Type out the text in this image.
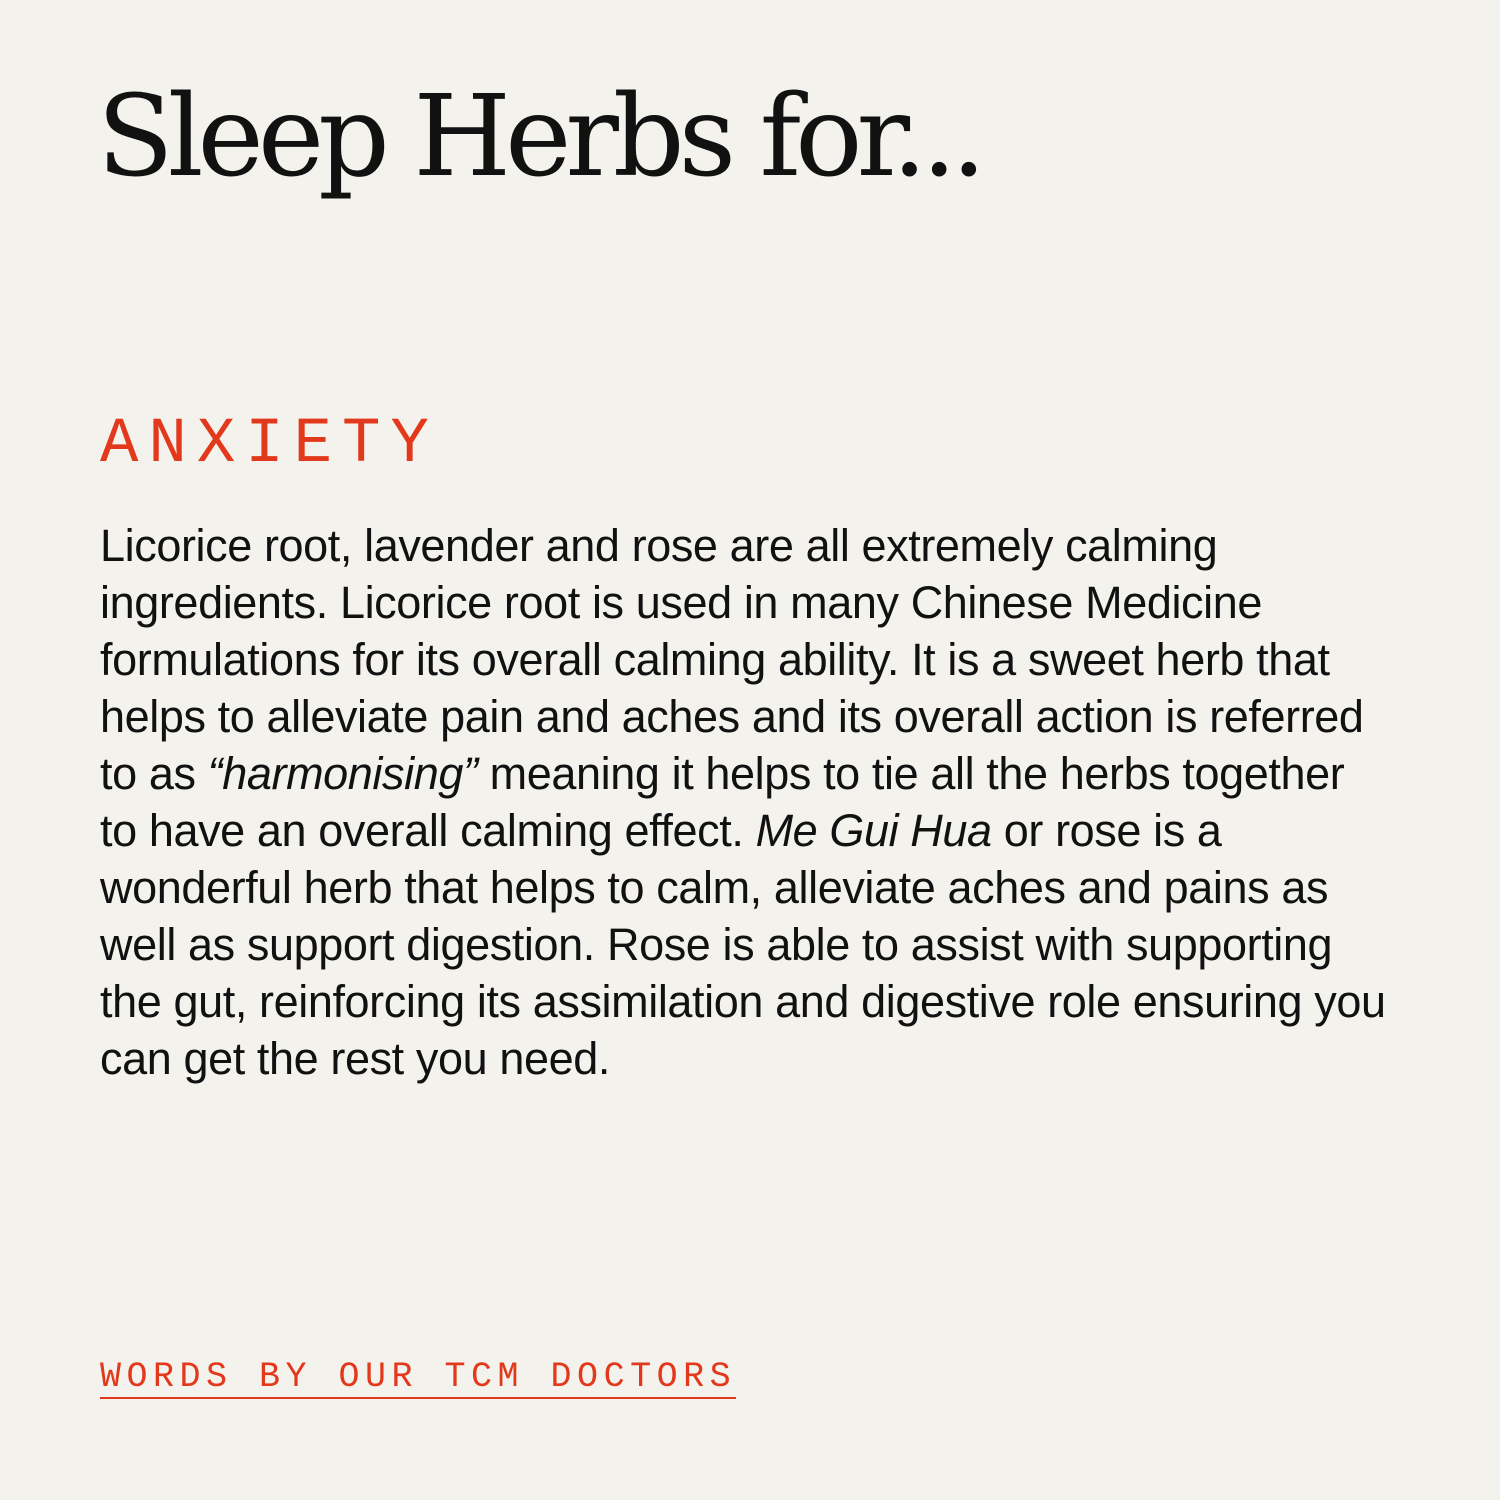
Sleep Herbs for...
ANXIETY

Licorice root, lavender and rose are all extremely calming ingredients. Licorice root is used in many Chinese Medicine formulations for its overall calming ability. It is a sweet herb that helps to alleviate pain and aches and its overall action is referred to as “harmonising” meaning it helps to tie all the herbs together to have an overall calming effect. Me Gui Hua or rose is a wonderful herb that helps to calm, alleviate aches and pains as well as support digestion. Rose is able to assist with supporting the gut, reinforcing its assimilation and digestive role ensuring you can get the rest you need.

WORDS BY OUR TCM DOCTORS
